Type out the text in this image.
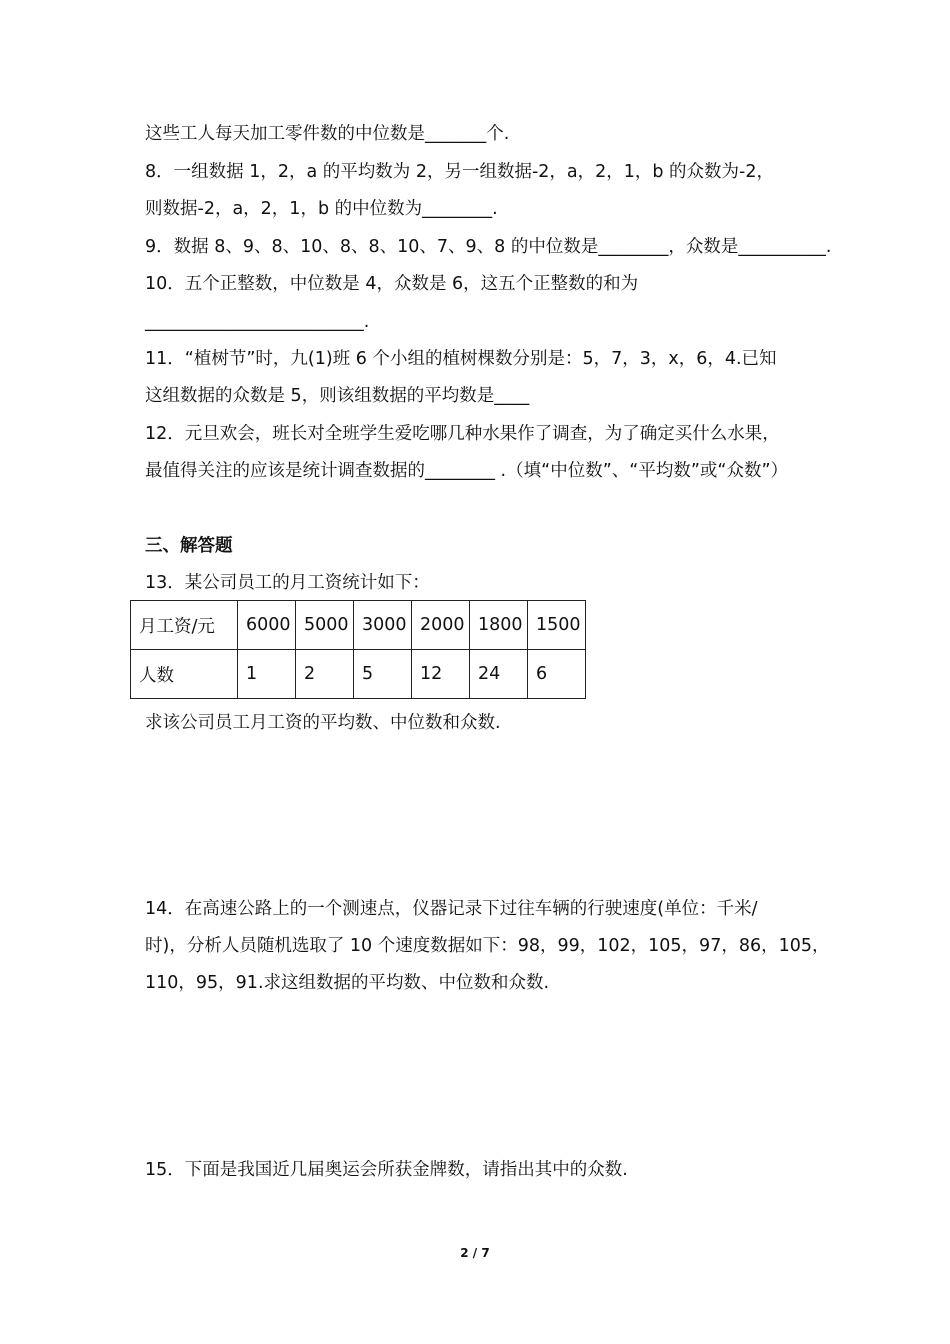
这些工人每天加工零件数的中位数是_______个.
8．一组数据 1，2，a 的平均数为 2，另一组数据-2，a，2，1，b 的众数为-2，
则数据-2，a，2，1，b 的中位数为________.
9．数据 8、9、8、10、8、8、10、7、9、8 的中位数是________，众数是__________.
10．五个正整数，中位数是 4，众数是 6，这五个正整数的和为
_________________________.
11．“植树节”时，九(1)班 6 个小组的植树棵数分别是：5，7，3，x，6，4.已知
这组数据的众数是 5，则该组数据的平均数是____
12．元旦欢会，班长对全班学生爱吃哪几种水果作了调查，为了确定买什么水果，
最值得关注的应该是统计调查数据的________ .（填“中位数”、“平均数”或“众数”）
三、解答题
13．某公司员工的月工资统计如下：
月工资/元	6000	5000	3000	2000	1800	1500
人数	1	2	5	12	24	6
求该公司员工月工资的平均数、中位数和众数.
14．在高速公路上的一个测速点，仪器记录下过往车辆的行驶速度(单位：千米/
时)，分析人员随机选取了 10 个速度数据如下：98，99，102，105，97，86，105，
110，95，91.求这组数据的平均数、中位数和众数.
15．下面是我国近几届奥运会所获金牌数，请指出其中的众数.
2 / 7
